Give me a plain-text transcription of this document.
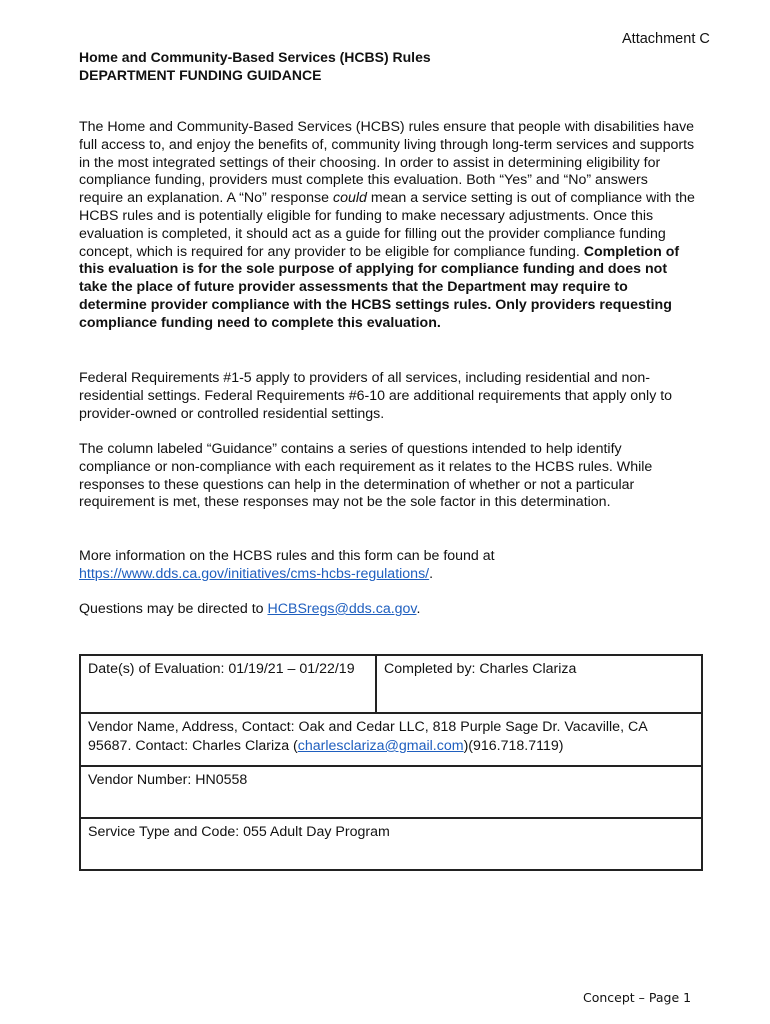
Attachment C
Home and Community-Based Services (HCBS) Rules
DEPARTMENT FUNDING GUIDANCE

The Home and Community-Based Services (HCBS) rules ensure that people with disabilities have full access to, and enjoy the benefits of, community living through long-term services and supports in the most integrated settings of their choosing. In order to assist in determining eligibility for compliance funding, providers must complete this evaluation. Both “Yes” and “No” answers require an explanation. A “No” response could mean a service setting is out of compliance with the HCBS rules and is potentially eligible for funding to make necessary adjustments. Once this evaluation is completed, it should act as a guide for filling out the provider compliance funding concept, which is required for any provider to be eligible for compliance funding. Completion of this evaluation is for the sole purpose of applying for compliance funding and does not take the place of future provider assessments that the Department may require to determine provider compliance with the HCBS settings rules. Only providers requesting compliance funding need to complete this evaluation.

Federal Requirements #1-5 apply to providers of all services, including residential and non-residential settings. Federal Requirements #6-10 are additional requirements that apply only to provider-owned or controlled residential settings.

The column labeled “Guidance” contains a series of questions intended to help identify compliance or non-compliance with each requirement as it relates to the HCBS rules. While responses to these questions can help in the determination of whether or not a particular requirement is met, these responses may not be the sole factor in this determination.

More information on the HCBS rules and this form can be found at
https://www.dds.ca.gov/initiatives/cms-hcbs-regulations/.

Questions may be directed to HCBSregs@dds.ca.gov.

Date(s) of Evaluation: 01/19/21 – 01/22/19	Completed by: Charles Clariza
Vendor Name, Address, Contact: Oak and Cedar LLC, 818 Purple Sage Dr. Vacaville, CA 95687. Contact: Charles Clariza (charlesclariza@gmail.com)(916.718.7119)
Vendor Number: HN0558
Service Type and Code: 055 Adult Day Program
Concept – Page 1
